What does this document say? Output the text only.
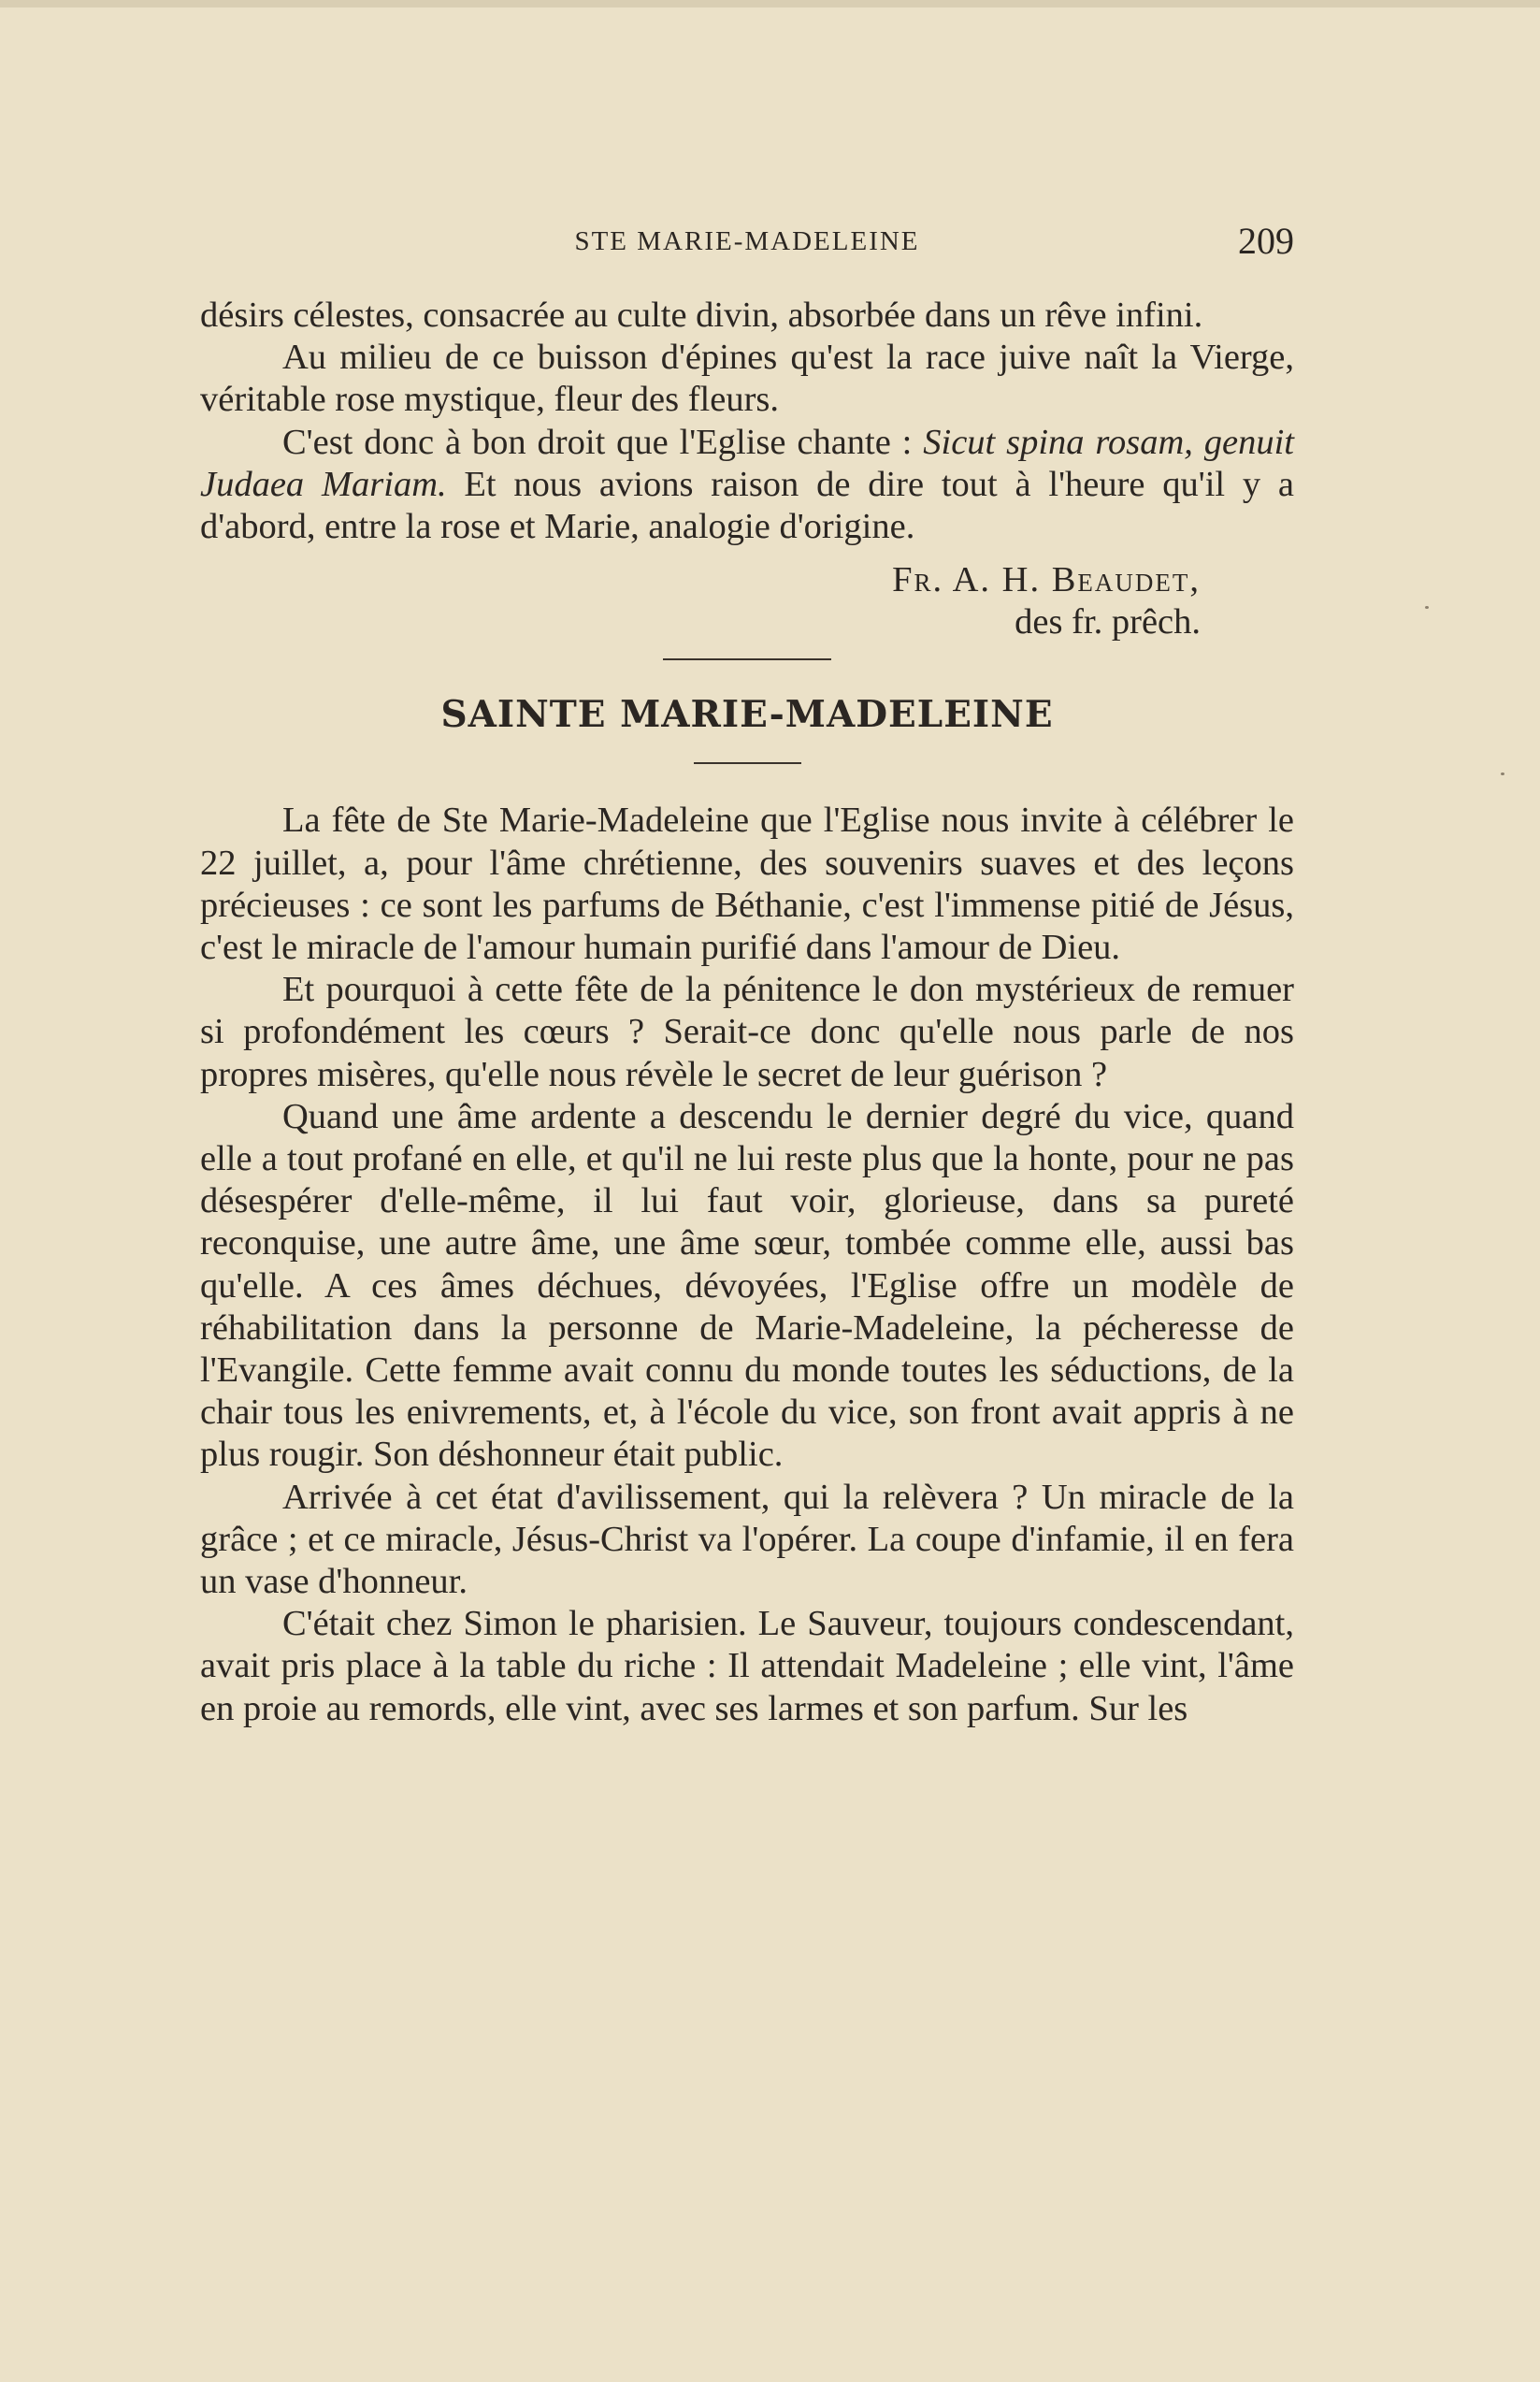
STE MARIE-MADELEINE	209

désirs célestes, consacrée au culte divin, absorbée dans un rêve infini.

Au milieu de ce buisson d'épines qu'est la race juive naît la Vierge, véritable rose mystique, fleur des fleurs.

C'est donc à bon droit que l'Eglise chante : Sicut spina rosam, genuit Judaea Mariam. Et nous avions raison de dire tout à l'heure qu'il y a d'abord, entre la rose et Marie, analogie d'origine.

Fr. A. H. Beaudet,
des fr. prêch.
SAINTE MARIE-MADELEINE

La fête de Ste Marie-Madeleine que l'Eglise nous invite à célébrer le 22 juillet, a, pour l'âme chrétienne, des souvenirs suaves et des leçons précieuses : ce sont les parfums de Béthanie, c'est l'immense pitié de Jésus, c'est le miracle de l'amour humain purifié dans l'amour de Dieu.

Et pourquoi à cette fête de la pénitence le don mystérieux de remuer si profondément les cœurs ? Serait-ce donc qu'elle nous parle de nos propres misères, qu'elle nous révèle le secret de leur guérison ?

Quand une âme ardente a descendu le dernier degré du vice, quand elle a tout profané en elle, et qu'il ne lui reste plus que la honte, pour ne pas désespérer d'elle-même, il lui faut voir, glorieuse, dans sa pureté reconquise, une autre âme, une âme sœur, tombée comme elle, aussi bas qu'elle. A ces âmes déchues, dévoyées, l'Eglise offre un modèle de réhabilitation dans la personne de Marie-Madeleine, la pécheresse de l'Evangile. Cette femme avait connu du monde toutes les séductions, de la chair tous les enivrements, et, à l'école du vice, son front avait appris à ne plus rougir. Son déshonneur était public.

Arrivée à cet état d'avilissement, qui la relèvera ? Un miracle de la grâce ; et ce miracle, Jésus-Christ va l'opérer. La coupe d'infamie, il en fera un vase d'honneur.

C'était chez Simon le pharisien. Le Sauveur, toujours condescendant, avait pris place à la table du riche : Il attendait Madeleine ; elle vint, l'âme en proie au remords, elle vint, avec ses larmes et son parfum. Sur les
